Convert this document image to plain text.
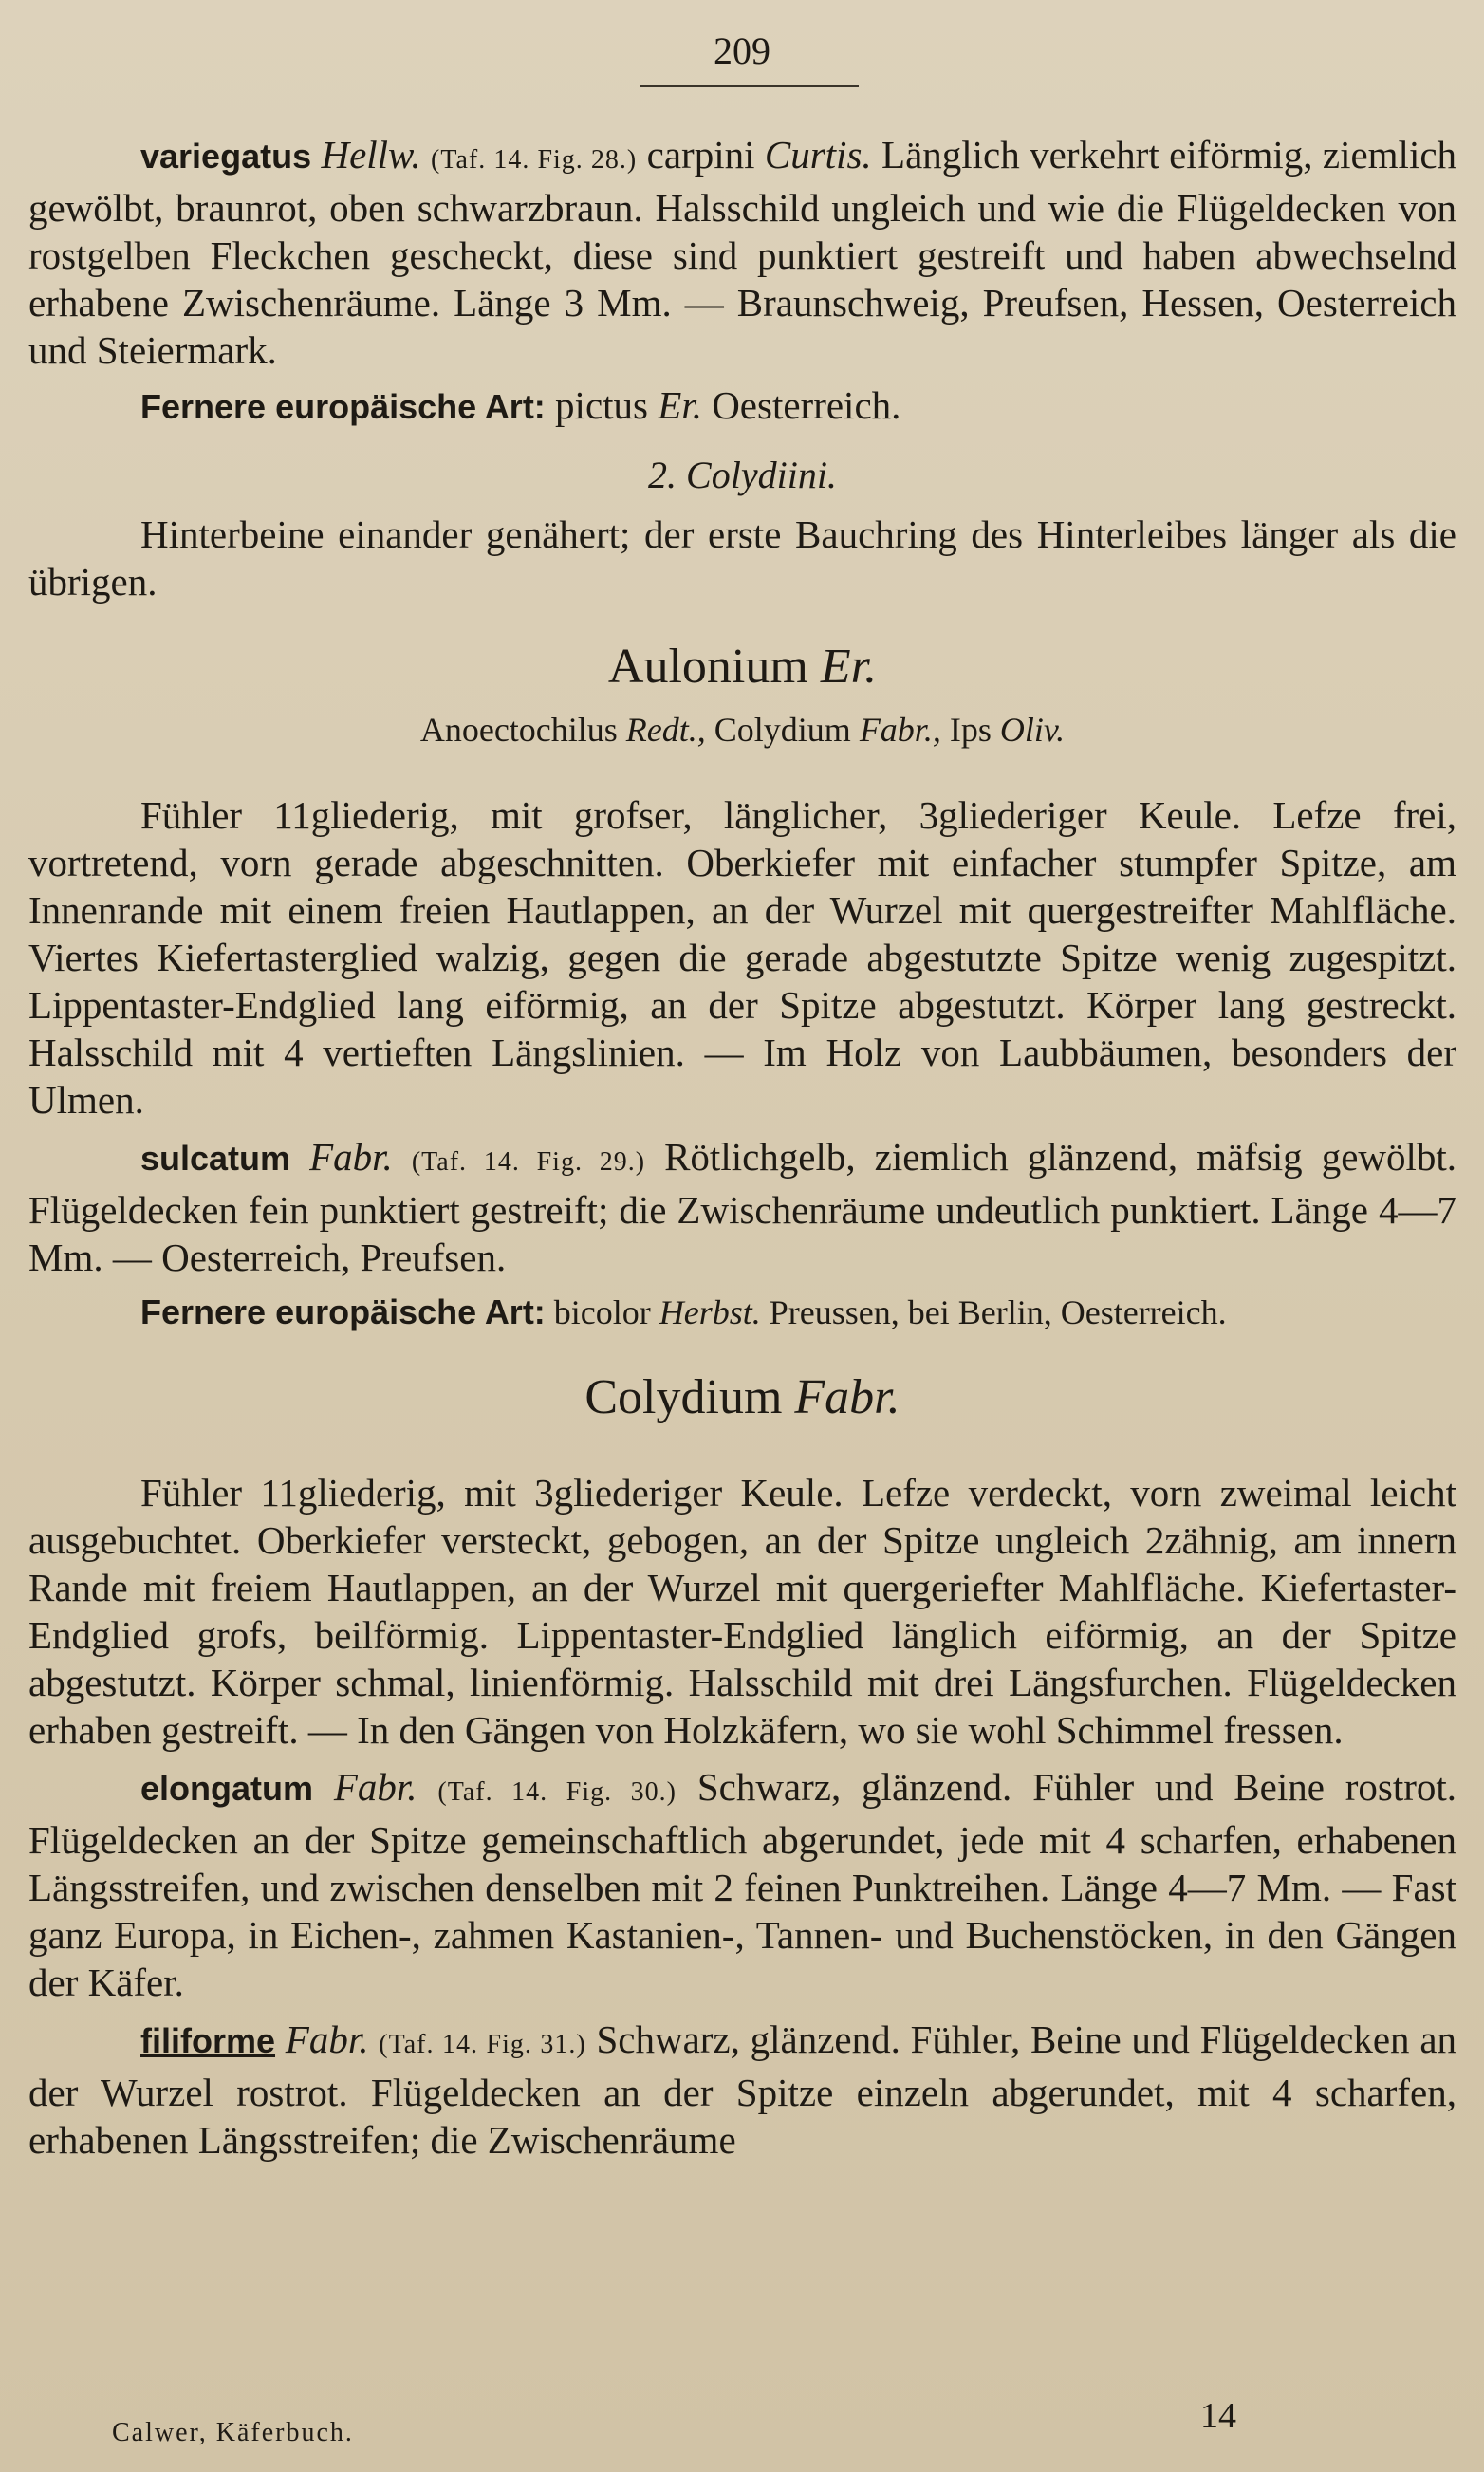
209

variegatus Hellw. (Taf. 14. Fig. 28.) carpini Curtis. Länglich verkehrt eiförmig, ziemlich gewölbt, braunrot, oben schwarzbraun. Halsschild ungleich und wie die Flügeldecken von rostgelben Fleckchen gescheckt, diese sind punktiert gestreift und haben abwechselnd erhabene Zwischenräume. Länge 3 Mm. — Braunschweig, Preufsen, Hessen, Oesterreich und Steiermark.

Fernere europäische Art: pictus Er. Oesterreich.

2. Colydiini.

Hinterbeine einander genähert; der erste Bauchring des Hinterleibes länger als die übrigen.

Aulonium Er.
Anoectochilus Redt., Colydium Fabr., Ips Oliv.

Fühler 11gliederig, mit grofser, länglicher, 3gliederiger Keule. Lefze frei, vortretend, vorn gerade abgeschnitten. Oberkiefer mit einfacher stumpfer Spitze, am Innenrande mit einem freien Hautlappen, an der Wurzel mit quergestreifter Mahlfläche. Viertes Kiefertasterglied walzig, gegen die gerade abgestutzte Spitze wenig zugespitzt. Lippentaster-Endglied lang eiförmig, an der Spitze abgestutzt. Körper lang gestreckt. Halsschild mit 4 vertieften Längslinien. — Im Holz von Laubbäumen, besonders der Ulmen.

sulcatum Fabr. (Taf. 14. Fig. 29.) Rötlichgelb, ziemlich glänzend, mäfsig gewölbt. Flügeldecken fein punktiert gestreift; die Zwischenräume undeutlich punktiert. Länge 4—7 Mm. — Oesterreich, Preufsen.

Fernere europäische Art: bicolor Herbst. Preussen, bei Berlin, Oesterreich.

Colydium Fabr.

Fühler 11gliederig, mit 3gliederiger Keule. Lefze verdeckt, vorn zweimal leicht ausgebuchtet. Oberkiefer versteckt, gebogen, an der Spitze ungleich 2zähnig, am innern Rande mit freiem Hautlappen, an der Wurzel mit quergeriefter Mahlfläche. Kiefertaster-Endglied grofs, beilförmig. Lippentaster-Endglied länglich eiförmig, an der Spitze abgestutzt. Körper schmal, linienförmig. Halsschild mit drei Längsfurchen. Flügeldecken erhaben gestreift. — In den Gängen von Holzkäfern, wo sie wohl Schimmel fressen.

elongatum Fabr. (Taf. 14. Fig. 30.) Schwarz, glänzend. Fühler und Beine rostrot. Flügeldecken an der Spitze gemeinschaftlich abgerundet, jede mit 4 scharfen, erhabenen Längsstreifen, und zwischen denselben mit 2 feinen Punktreihen. Länge 4—7 Mm. — Fast ganz Europa, in Eichen-, zahmen Kastanien-, Tannen- und Buchenstöcken, in den Gängen der Käfer.

filiforme Fabr. (Taf. 14. Fig. 31.) Schwarz, glänzend. Fühler, Beine und Flügeldecken an der Wurzel rostrot. Flügeldecken an der Spitze einzeln abgerundet, mit 4 scharfen, erhabenen Längsstreifen; die Zwischenräume

Calwer, Käferbuch.	14
